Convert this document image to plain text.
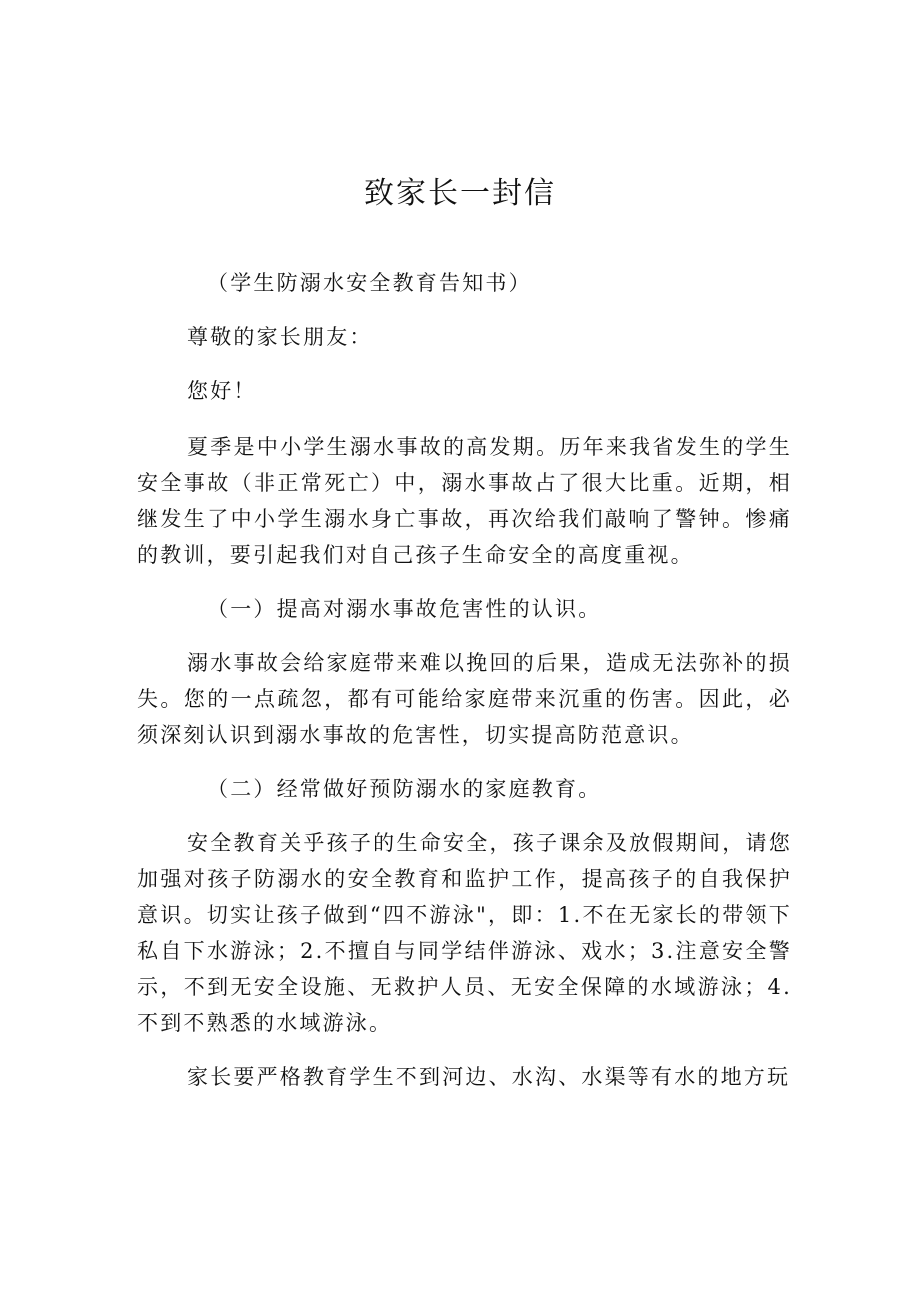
致家长一封信

（学生防溺水安全教育告知书）

尊敬的家长朋友：

您好！

夏季是中小学生溺水事故的高发期。历年来我省发生的学生安全事故（非正常死亡）中，溺水事故占了很大比重。近期，相继发生了中小学生溺水身亡事故，再次给我们敲响了警钟。惨痛的教训，要引起我们对自己孩子生命安全的高度重视。

（一）提高对溺水事故危害性的认识。

溺水事故会给家庭带来难以挽回的后果，造成无法弥补的损失。您的一点疏忽，都有可能给家庭带来沉重的伤害。因此，必须深刻认识到溺水事故的危害性，切实提高防范意识。

（二）经常做好预防溺水的家庭教育。

安全教育关乎孩子的生命安全，孩子课余及放假期间，请您加强对孩子防溺水的安全教育和监护工作，提高孩子的自我保护意识。切实让孩子做到“四不游泳"，即：1.不在无家长的带领下私自下水游泳；2.不擅自与同学结伴游泳、戏水；3.注意安全警示，不到无安全设施、无救护人员、无安全保障的水域游泳；4.不到不熟悉的水域游泳。

家长要严格教育学生不到河边、水沟、水渠等有水的地方玩
